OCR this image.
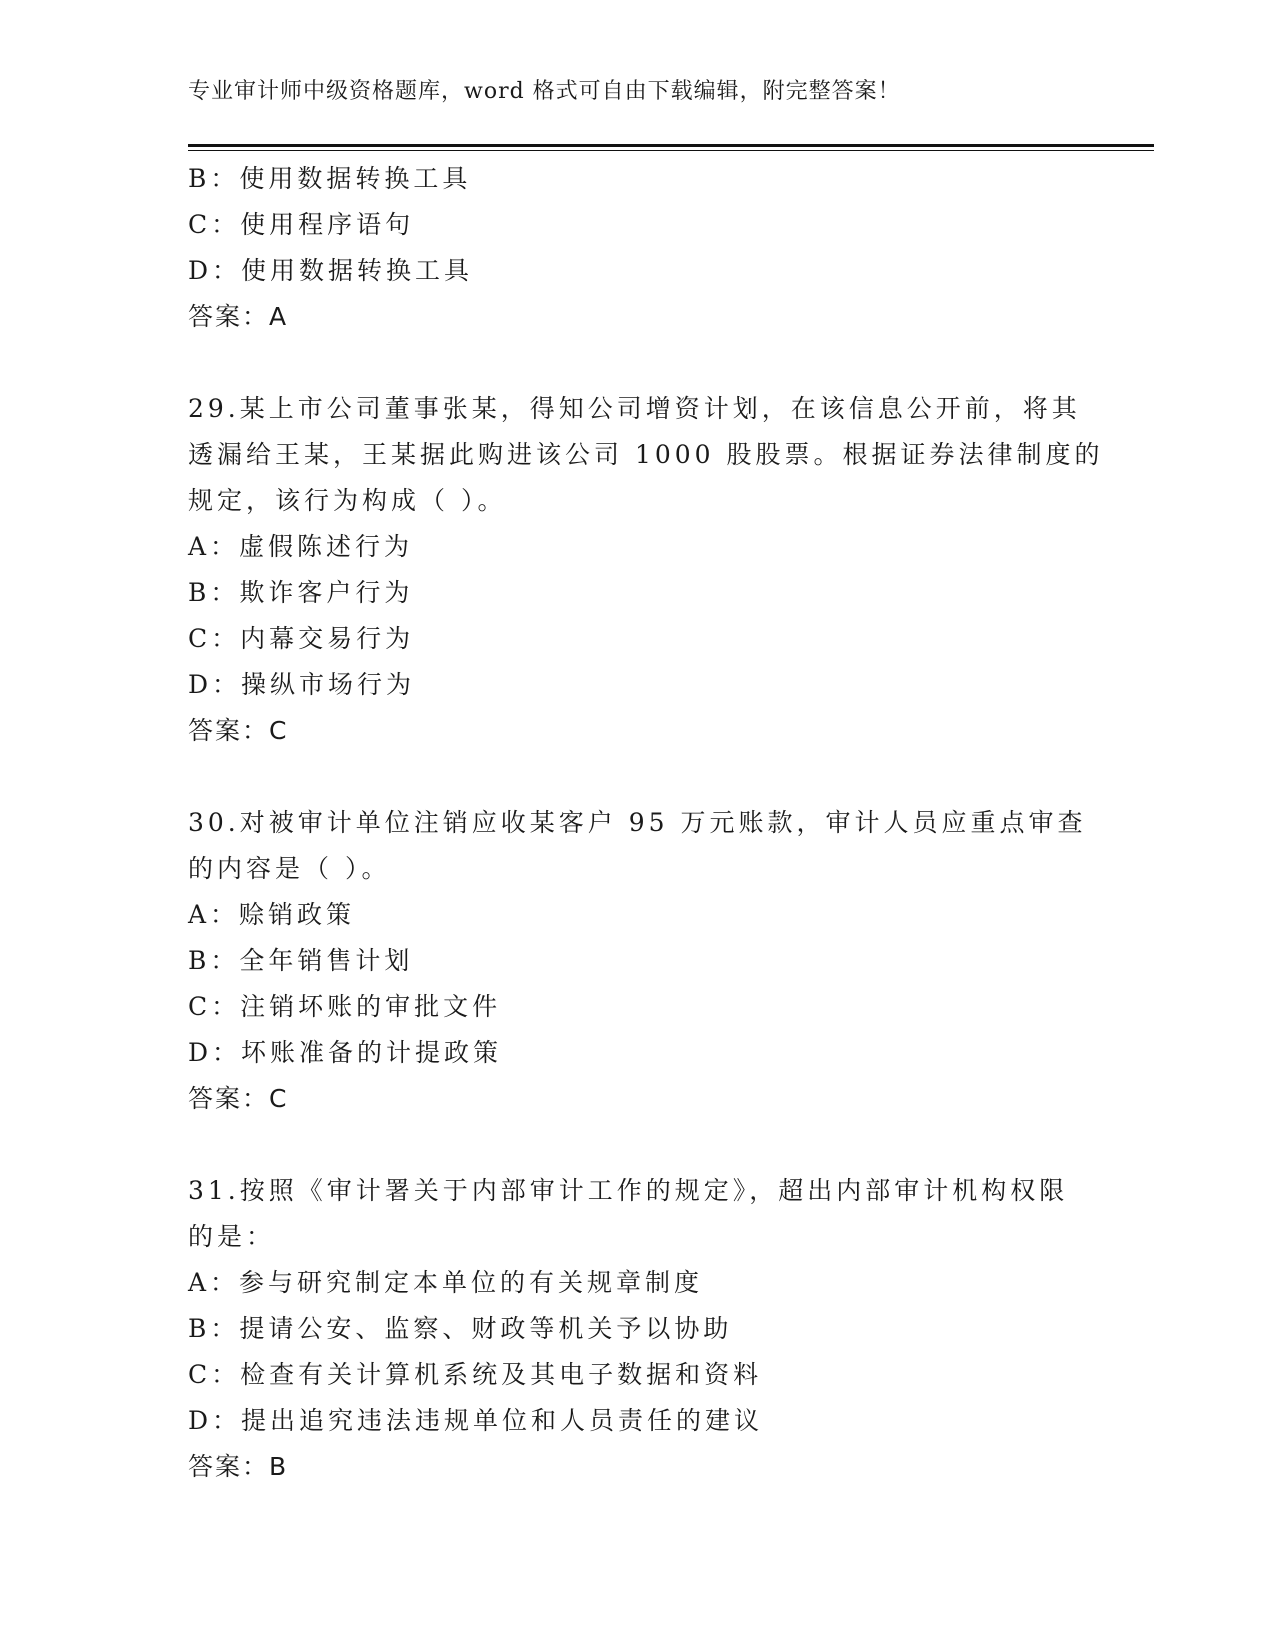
专业审计师中级资格题库，word 格式可自由下载编辑，附完整答案！
B：使用数据转换工具
C：使用程序语句
D：使用数据转换工具
答案：A
29.某上市公司董事张某，得知公司增资计划，在该信息公开前，将其
透漏给王某，王某据此购进该公司 1000 股股票。根据证券法律制度的
规定，该行为构成（ ）。
A：虚假陈述行为
B：欺诈客户行为
C：内幕交易行为
D：操纵市场行为
答案：C
30.对被审计单位注销应收某客户 95 万元账款，审计人员应重点审查
的内容是（ ）。
A：赊销政策
B：全年销售计划
C：注销坏账的审批文件
D：坏账准备的计提政策
答案：C
31.按照《审计署关于内部审计工作的规定》，超出内部审计机构权限
的是：
A：参与研究制定本单位的有关规章制度
B：提请公安、监察、财政等机关予以协助
C：检查有关计算机系统及其电子数据和资料
D：提出追究违法违规单位和人员责任的建议
答案：B
